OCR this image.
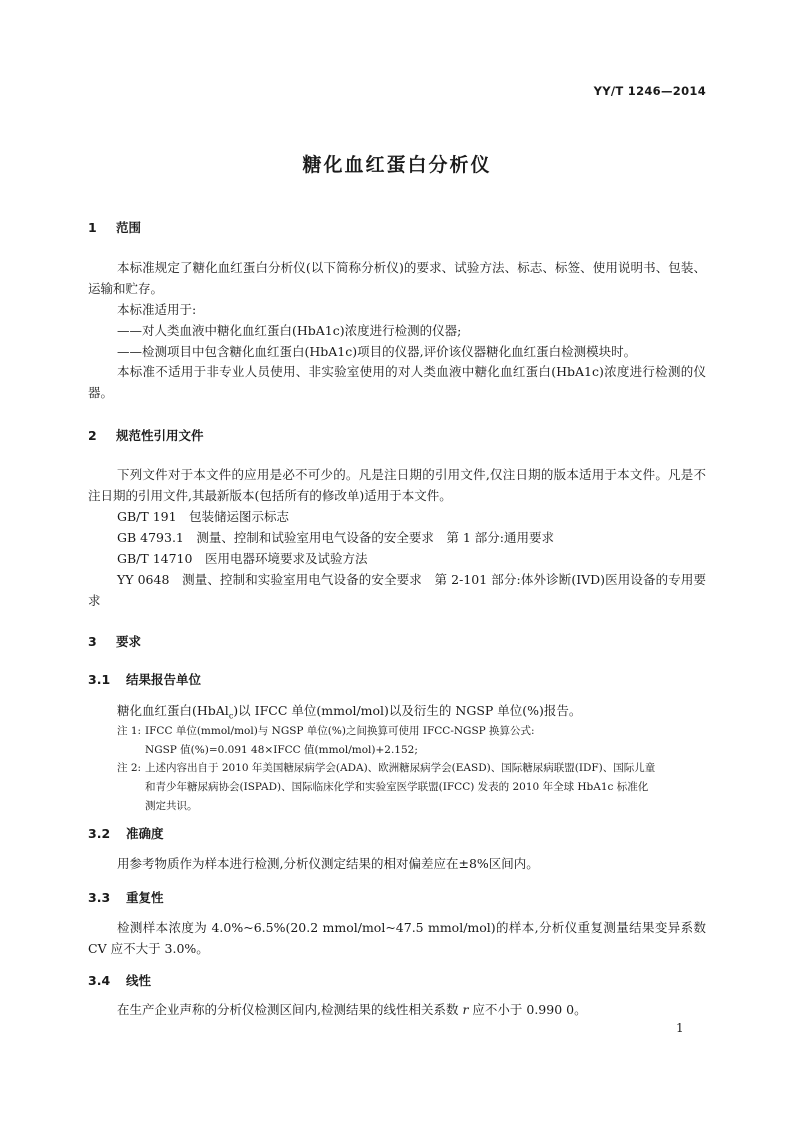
YY/T 1246—2014
糖化血红蛋白分析仪
1 范围
本标准规定了糖化血红蛋白分析仪(以下简称分析仪)的要求、试验方法、标志、标签、使用说明书、包装、运输和贮存。
本标准适用于:
——对人类血液中糖化血红蛋白(HbA1c)浓度进行检测的仪器;
——检测项目中包含糖化血红蛋白(HbA1c)项目的仪器,评价该仪器糖化血红蛋白检测模块时。
本标准不适用于非专业人员使用、非实验室使用的对人类血液中糖化血红蛋白(HbA1c)浓度进行检测的仪器。
2 规范性引用文件
下列文件对于本文件的应用是必不可少的。凡是注日期的引用文件,仅注日期的版本适用于本文件。凡是不注日期的引用文件,其最新版本(包括所有的修改单)适用于本文件。
GB/T 191　包装储运图示标志
GB 4793.1　测量、控制和试验室用电气设备的安全要求　第 1 部分:通用要求
GB/T 14710　医用电器环境要求及试验方法
YY 0648　测量、控制和实验室用电气设备的安全要求　第 2-101 部分:体外诊断(IVD)医用设备的专用要求
3 要求
3.1 结果报告单位
糖化血红蛋白(HbAl$_c$)以 IFCC 单位(mmol/mol)以及衍生的 NGSP 单位(%)报告。
注 1: IFCC 单位(mmol/mol)与 NGSP 单位(%)之间换算可使用 IFCC-NGSP 换算公式:
NGSP 值(%)=0.091 48×IFCC 值(mmol/mol)+2.152;
注 2: 上述内容出自于 2010 年美国糖尿病学会(ADA)、欧洲糖尿病学会(EASD)、国际糖尿病联盟(IDF)、国际儿童
和青少年糖尿病协会(ISPAD)、国际临床化学和实验室医学联盟(IFCC) 发表的 2010 年全球 HbA1c 标准化
测定共识。
3.2 准确度
用参考物质作为样本进行检测,分析仪测定结果的相对偏差应在±8%区间内。
3.3 重复性
检测样本浓度为 4.0%~6.5%(20.2 mmol/mol~47.5 mmol/mol)的样本,分析仪重复测量结果变异系数 CV 应不大于 3.0%。
3.4 线性
在生产企业声称的分析仪检测区间内,检测结果的线性相关系数 r 应不小于 0.990 0。
1
